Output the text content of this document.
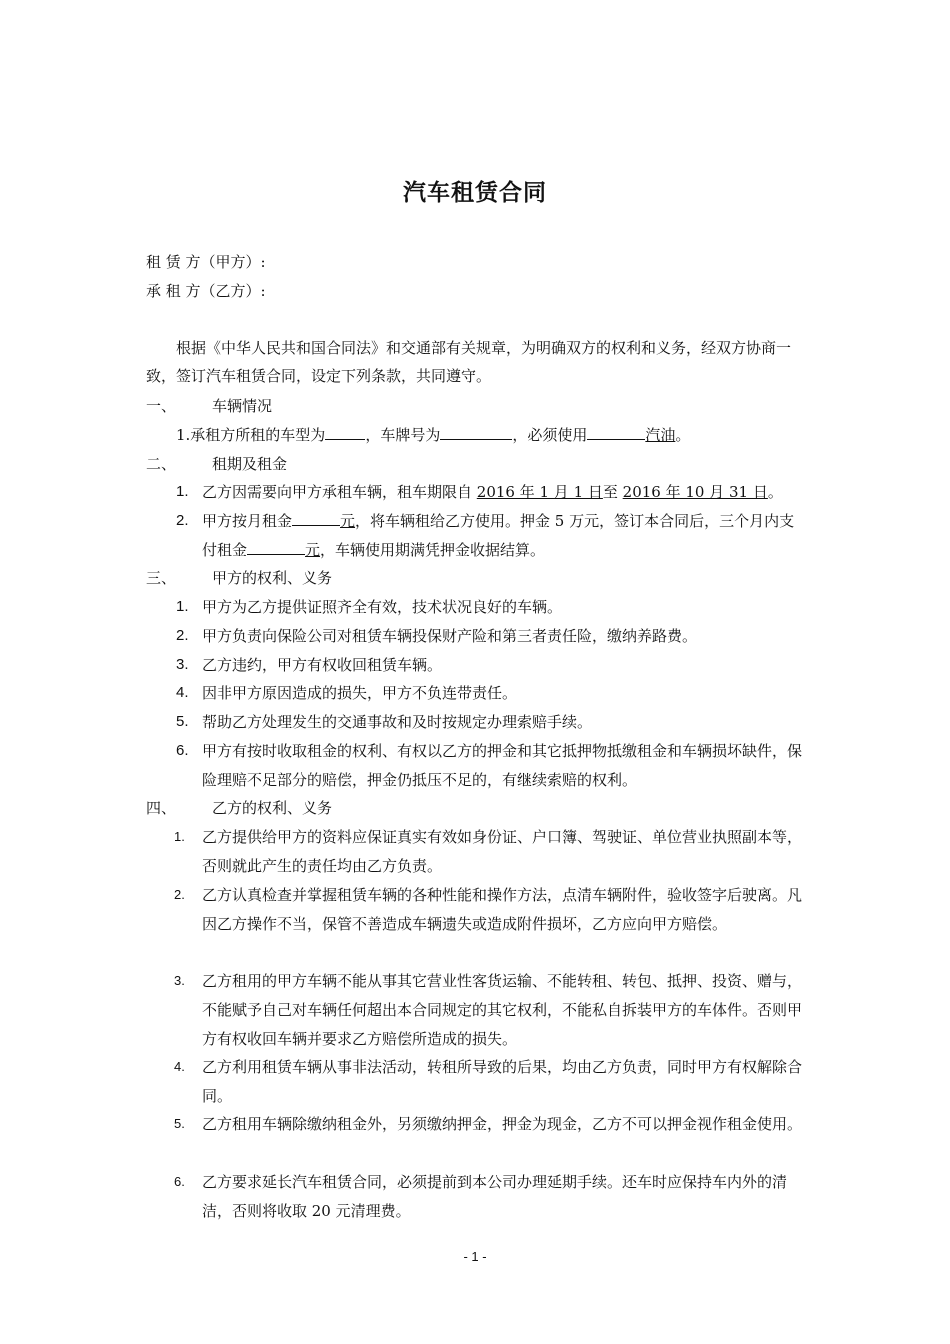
汽车租赁合同
租 赁 方（甲方）:
承 租 方（乙方）:
根据《中华人民共和国合同法》和交通部有关规章，为明确双方的权利和义务，经双方协商一致，签订汽车租赁合同，设定下列条款，共同遵守。
一、 车辆情况
1.承租方所租的车型为	，车牌号为	，必须使用	汽油。
二、 租期及租金
1. 乙方因需要向甲方承租车辆，租车期限自 2016 年 1 月 1 日至 2016 年 10 月 31 日。
2. 甲方按月租金	元，将车辆租给乙方使用。押金 5 万元，签订本合同后，三个月内支付租金	元，车辆使用期满凭押金收据结算。
三、 甲方的权利、义务
1. 甲方为乙方提供证照齐全有效，技术状况良好的车辆。
2. 甲方负责向保险公司对租赁车辆投保财产险和第三者责任险，缴纳养路费。
3. 乙方违约，甲方有权收回租赁车辆。
4. 因非甲方原因造成的损失，甲方不负连带责任。
5. 帮助乙方处理发生的交通事故和及时按规定办理索赔手续。
6. 甲方有按时收取租金的权利、有权以乙方的押金和其它抵押物抵缴租金和车辆损坏缺件，保险理赔不足部分的赔偿，押金仍抵压不足的，有继续索赔的权利。
四、 乙方的权利、义务
1. 乙方提供给甲方的资料应保证真实有效如身份证、户口簿、驾驶证、单位营业执照副本等，否则就此产生的责任均由乙方负责。
2. 乙方认真检查并掌握租赁车辆的各种性能和操作方法，点清车辆附件，验收签字后驶离。凡因乙方操作不当，保管不善造成车辆遗失或造成附件损坏，乙方应向甲方赔偿。
3. 乙方租用的甲方车辆不能从事其它营业性客货运输、不能转租、转包、抵押、投资、赠与，不能赋予自己对车辆任何超出本合同规定的其它权利，不能私自拆装甲方的车体件。否则甲方有权收回车辆并要求乙方赔偿所造成的损失。
4. 乙方利用租赁车辆从事非法活动，转租所导致的后果，均由乙方负责，同时甲方有权解除合同。
5. 乙方租用车辆除缴纳租金外，另须缴纳押金，押金为现金，乙方不可以押金视作租金使用。
6. 乙方要求延长汽车租赁合同，必须提前到本公司办理延期手续。还车时应保持车内外的清洁，否则将收取 20 元清理费。
- 1 -
